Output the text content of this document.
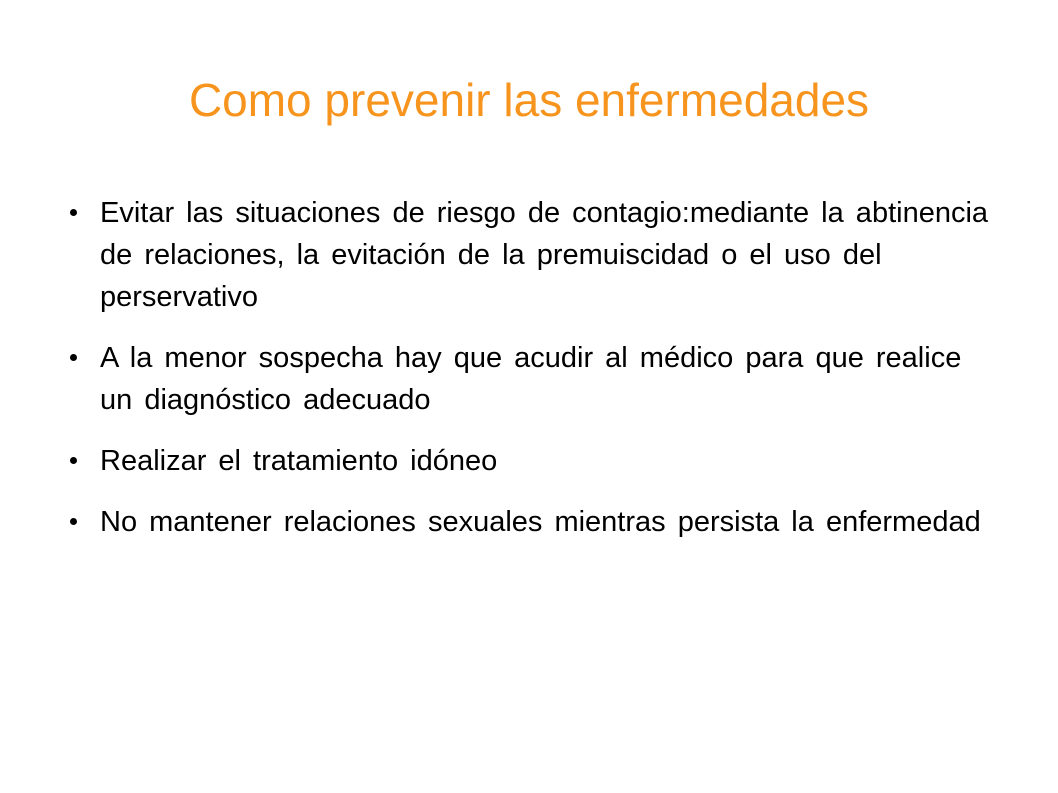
Como prevenir las enfermedades
Evitar las situaciones de riesgo de contagio:mediante la abtinencia de relaciones, la evitación de la premuiscidad o el uso del perservativo
A la menor sospecha hay que acudir al médico para que realice un diagnóstico adecuado
Realizar el tratamiento idóneo
No mantener relaciones sexuales mientras persista la enfermedad
